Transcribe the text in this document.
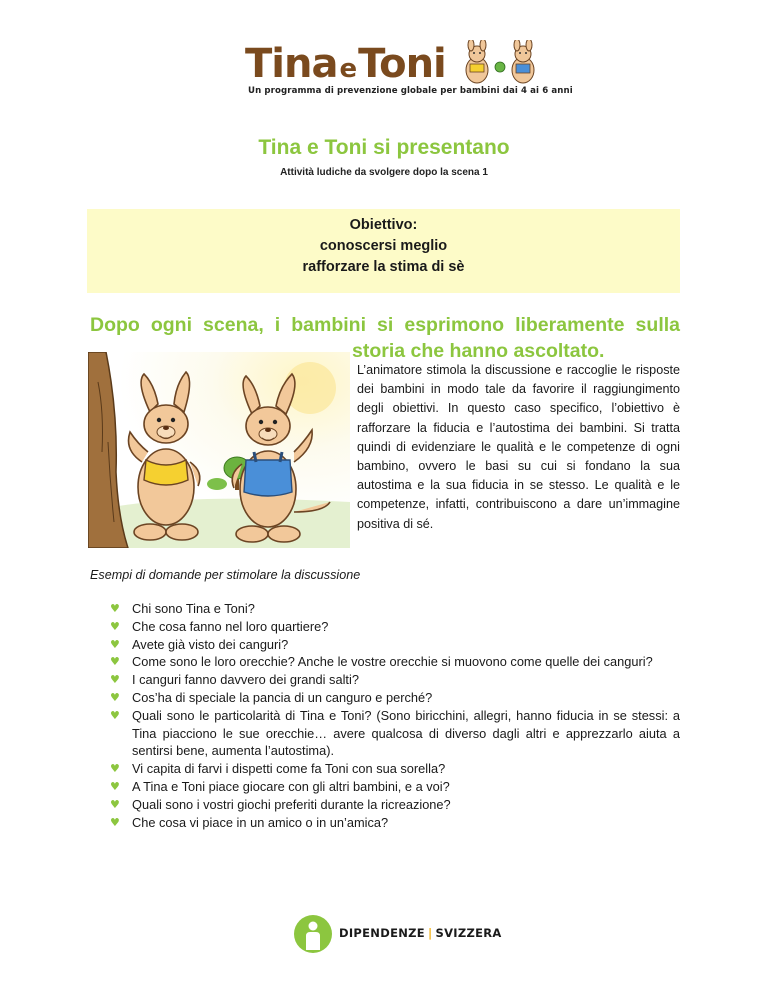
TinaeToni
Un programma di prevenzione globale per bambini dai 4 ai 6 anni
Tina e Toni si presentano
Attività ludiche da svolgere dopo la scena 1
Obiettivo:
conoscersi meglio
rafforzare la stima di sè
Dopo ogni scena, i bambini si esprimono liberamente sulla
storia che hanno ascoltato.
L’animatore stimola la discussione e raccoglie le risposte dei bambini in modo tale da favorire il raggiungimento degli obiettivi. In questo caso specifico, l’obiettivo è rafforzare la fiducia e l’autostima dei bambini. Si tratta quindi di evidenziare le qualità e le competenze di ogni bambino, ovvero le basi su cui si fondano la sua autostima e la sua fiducia in se stesso. Le qualità e le competenze, infatti, contribuiscono a dare un’immagine positiva di sé.
Esempi di domande per stimolare la discussione
♥ Chi sono Tina e Toni?
♥ Che cosa fanno nel loro quartiere?
♥ Avete già visto dei canguri?
♥ Come sono le loro orecchie? Anche le vostre orecchie si muovono come quelle dei canguri?
♥ I canguri fanno davvero dei grandi salti?
♥ Cos’ha di speciale la pancia di un canguro e perché?
♥ Quali sono le particolarità di Tina e Toni? (Sono biricchini, allegri, hanno fiducia in se stessi: a Tina piacciono le sue orecchie… avere qualcosa di diverso dagli altri e apprezzarlo aiuta a sentirsi bene, aumenta l’autostima).
♥ Vi capita di farvi i dispetti come fa Toni con sua sorella?
♥ A Tina e Toni piace giocare con gli altri bambini, e a voi?
♥ Quali sono i vostri giochi preferiti durante la ricreazione?
♥ Che cosa vi piace in un amico o in un’amica?
DIPENDENZE | SVIZZERA
